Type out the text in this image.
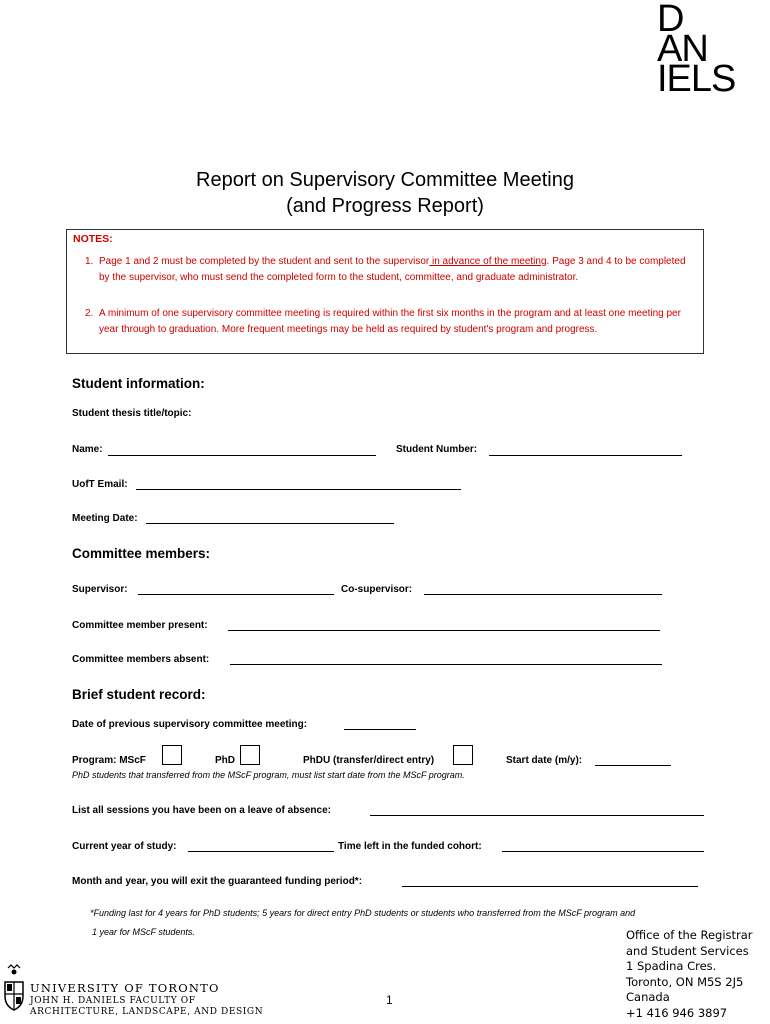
D
AN
IELS
Report on Supervisory Committee Meeting
(and Progress Report)
NOTES:
1. Page 1 and 2 must be completed by the student and sent to the supervisor in advance of the meeting. Page 3 and 4 to be completed by the supervisor, who must send the completed form to the student, committee, and graduate administrator.
2. A minimum of one supervisory committee meeting is required within the first six months in the program and at least one meeting per year through to graduation. More frequent meetings may be held as required by student's program and progress.
Student information:
Student thesis title/topic:
Name:	Student Number:
UofT Email:
Meeting Date:
Committee members:
Supervisor:	Co-supervisor:
Committee member present:
Committee members absent:
Brief student record:
Date of previous supervisory committee meeting:
Program: MScF	PhD	PhDU (transfer/direct entry)	Start date (m/y):
PhD students that transferred from the MScF program, must list start date from the MScF program.
List all sessions you have been on a leave of absence:
Current year of study:	Time left in the funded cohort:
Month and year, you will exit the guaranteed funding period*:
*Funding last for 4 years for PhD students; 5 years for direct entry PhD students or students who transferred from the MScF program and
1 year for MScF students.	Office of the Registrar
and Student Services
1 Spadina Cres.
Toronto, ON M5S 2J5
Canada
+1 416 946 3897
1
UNIVERSITY OF TORONTO
JOHN H. DANIELS FACULTY OF
ARCHITECTURE, LANDSCAPE, AND DESIGN
